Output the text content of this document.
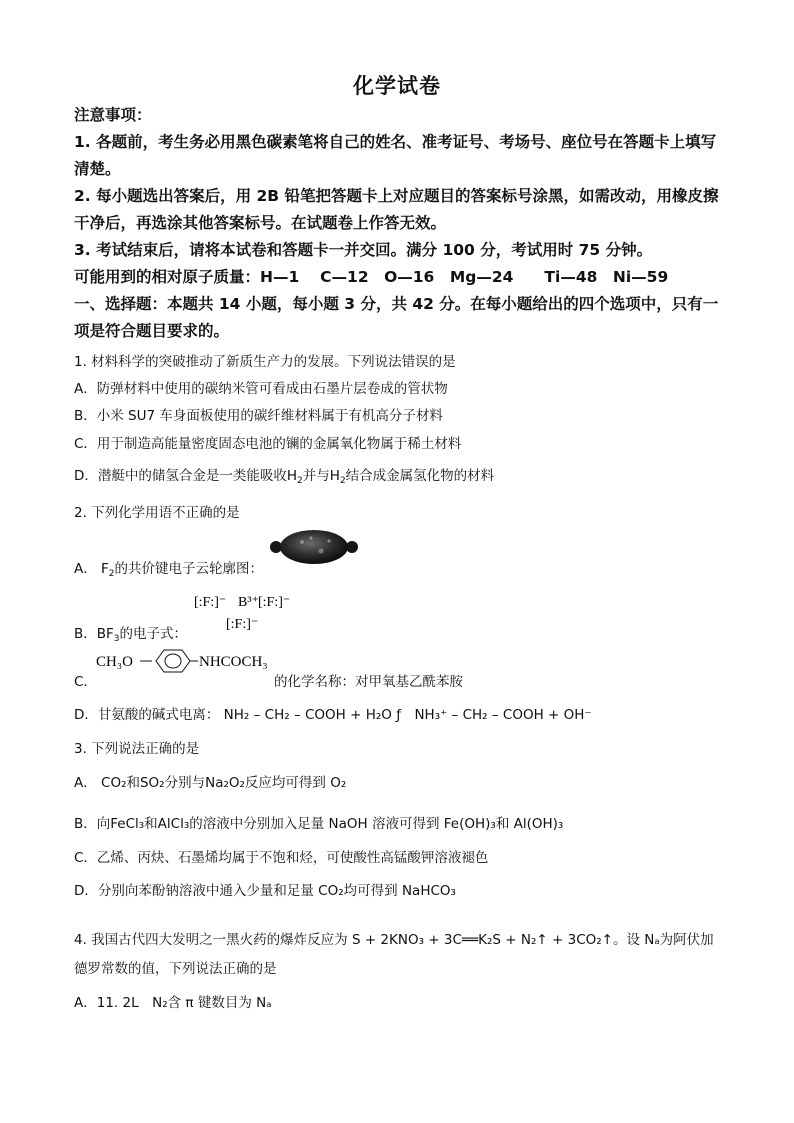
化学试卷
注意事项：
1. 各题前，考生务必用黑色碳素笔将自己的姓名、准考证号、考场号、座位号在答题卡上填写清楚。
2. 每小题选出答案后，用 2B 铅笔把答题卡上对应题目的答案标号涂黑，如需改动，用橡皮擦干净后，再选涂其他答案标号。在试题卷上作答无效。
3. 考试结束后，请将本试卷和答题卡一并交回。满分 100 分，考试用时 75 分钟。
可能用到的相对原子质量：H—1　 C—12　O—16　Mg—24　　Ti—48　Ni—59
一、选择题：本题共 14 小题，每小题 3 分，共 42 分。在每小题给出的四个选项中，只有一项是符合题目要求的。
1. 材料科学的突破推动了新质生产力的发展。下列说法错误的是
A．防弹材料中使用的碳纳米管可看成由石墨片层卷成的管状物
B．小米 SU7 车身面板使用的碳纤维材料属于有机高分子材料
C．用于制造高能量密度固态电池的镧的金属氧化物属于稀土材料
D．潜艇中的储氢合金是一类能吸收$H_2$并与$H_2$结合成金属氢化物的材料
2. 下列化学用语不正确的是
A． $F_2$的共价键电子云轮廓图：
[:F:]⁻ B³⁺ [:F:]⁻
[:F:]⁻
B．$BF_3$的电子式：
C．
CH₃O	NHCOCH₃
的化学名称：对甲氧基乙酰苯胺
D．甘氨酸的碱式电离： NH₂ – CH₂ – COOH + H₂O ƒ　NH₃⁺ – CH₂ – COOH + OH⁻
3. 下列说法正确的是
A． CO₂和SO₂分别与Na₂O₂反应均可得到 O₂
B．向FeCl₃和AlCl₃的溶液中分别加入足量 NaOH 溶液可得到 Fe(OH)₃和 Al(OH)₃
C．乙烯、丙炔、石墨烯均属于不饱和烃，可使酸性高锰酸钾溶液褪色
D．分别向苯酚钠溶液中通入少量和足量 CO₂均可得到 NaHCO₃
4. 我国古代四大发明之一黑火药的爆炸反应为 S + 2KNO₃ + 3C══K₂S + N₂↑ + 3CO₂↑。设 Nₐ为阿伏加
德罗常数的值，下列说法正确的是
A．11. 2L　N₂含 π 键数目为 Nₐ
